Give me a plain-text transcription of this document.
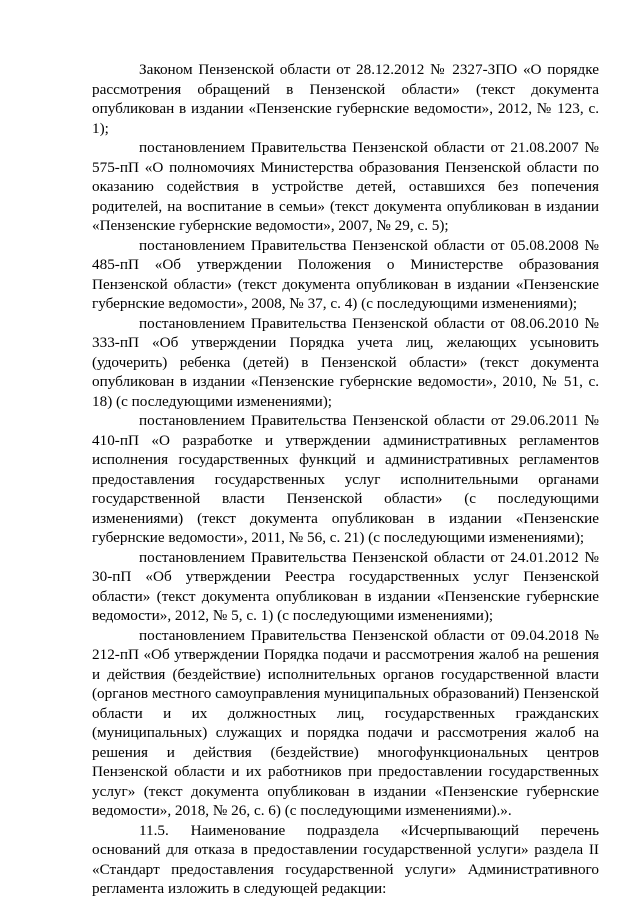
Законом Пензенской области от 28.12.2012 № 2327-ЗПО «О порядке рассмотрения обращений в Пензенской области» (текст документа опубликован в издании «Пензенские губернские ведомости», 2012, № 123, с. 1);

постановлением Правительства Пензенской области от 21.08.2007 № 575-пП «О полномочиях Министерства образования Пензенской области по оказанию содействия в устройстве детей, оставшихся без попечения родителей, на воспитание в семьи» (текст документа опубликован в издании «Пензенские губернские ведомости», 2007, № 29, с. 5);

постановлением Правительства Пензенской области от 05.08.2008 № 485-пП «Об утверждении Положения о Министерстве образования Пензенской области» (текст документа опубликован в издании «Пензенские губернские ведомости», 2008, № 37, с. 4) (с последующими изменениями);

постановлением Правительства Пензенской области от 08.06.2010 № 333-пП «Об утверждении Порядка учета лиц, желающих усыновить (удочерить) ребенка (детей) в Пензенской области» (текст документа опубликован в издании «Пензенские губернские ведомости», 2010, № 51, с. 18) (с последующими изменениями);

постановлением Правительства Пензенской области от 29.06.2011 № 410-пП «О разработке и утверждении административных регламентов исполнения государственных функций и административных регламентов предоставления государственных услуг исполнительными органами государственной власти Пензенской области» (с последующими изменениями) (текст документа опубликован в издании «Пензенские губернские ведомости», 2011, № 56, с. 21) (с последующими изменениями);

постановлением Правительства Пензенской области от 24.01.2012 № 30-пП «Об утверждении Реестра государственных услуг Пензенской области» (текст документа опубликован в издании «Пензенские губернские ведомости», 2012, № 5, с. 1) (с последующими изменениями);

постановлением Правительства Пензенской области от 09.04.2018 № 212-пП «Об утверждении Порядка подачи и рассмотрения жалоб на решения и действия (бездействие) исполнительных органов государственной власти (органов местного самоуправления муниципальных образований) Пензенской области и их должностных лиц, государственных гражданских (муниципальных) служащих и порядка подачи и рассмотрения жалоб на решения и действия (бездействие) многофункциональных центров Пензенской области и их работников при предоставлении государственных услуг» (текст документа опубликован в издании «Пензенские губернские ведомости», 2018, № 26, с. 6) (с последующими изменениями).».

11.5. Наименование подраздела «Исчерпывающий перечень оснований для отказа в предоставлении государственной услуги» раздела II «Стандарт предоставления государственной услуги» Административного регламента изложить в следующей редакции:
